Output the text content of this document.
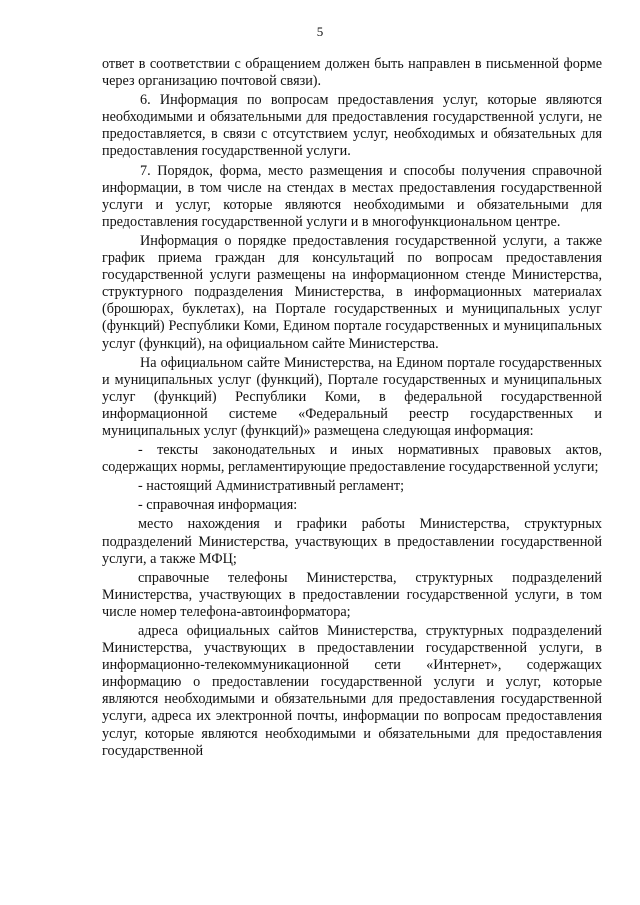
5

ответ в соответствии с обращением должен быть направлен в письменной форме через организацию почтовой связи).

6. Информация по вопросам предоставления услуг, которые являются необходимыми и обязательными для предоставления государственной услуги, не предоставляется, в связи с отсутствием услуг, необходимых и обязательных для предоставления государственной услуги.

7. Порядок, форма, место размещения и способы получения справочной информации, в том числе на стендах в местах предоставления государственной услуги и услуг, которые являются необходимыми и обязательными для предоставления государственной услуги и в многофункциональном центре.

Информация о порядке предоставления государственной услуги, а также график приема граждан для консультаций по вопросам предоставления государственной услуги размещены на информационном стенде Министерства, структурного подразделения Министерства, в информационных материалах (брошюрах, буклетах), на Портале государственных и муниципальных услуг (функций) Республики Коми, Едином портале государственных и муниципальных услуг (функций), на официальном сайте Министерства.

На официальном сайте Министерства, на Едином портале государственных и муниципальных услуг (функций), Портале государственных и муниципальных услуг (функций) Республики Коми, в федеральной государственной информационной системе «Федеральный реестр государственных и муниципальных услуг (функций)» размещена следующая информация:

- тексты законодательных и иных нормативных правовых актов, содержащих нормы, регламентирующие предоставление государственной услуги;

- настоящий Административный регламент;

- справочная информация:

место нахождения и графики работы Министерства, структурных подразделений Министерства, участвующих в предоставлении государственной услуги, а также МФЦ;

справочные телефоны Министерства, структурных подразделений Министерства, участвующих в предоставлении государственной услуги, в том числе номер телефона-автоинформатора;

адреса официальных сайтов Министерства, структурных подразделений Министерства, участвующих в предоставлении государственной услуги, в информационно-телекоммуникационной сети «Интернет», содержащих информацию о предоставлении государственной услуги и услуг, которые являются необходимыми и обязательными для предоставления государственной услуги, адреса их электронной почты, информации по вопросам предоставления услуг, которые являются необходимыми и обязательными для предоставления государственной
